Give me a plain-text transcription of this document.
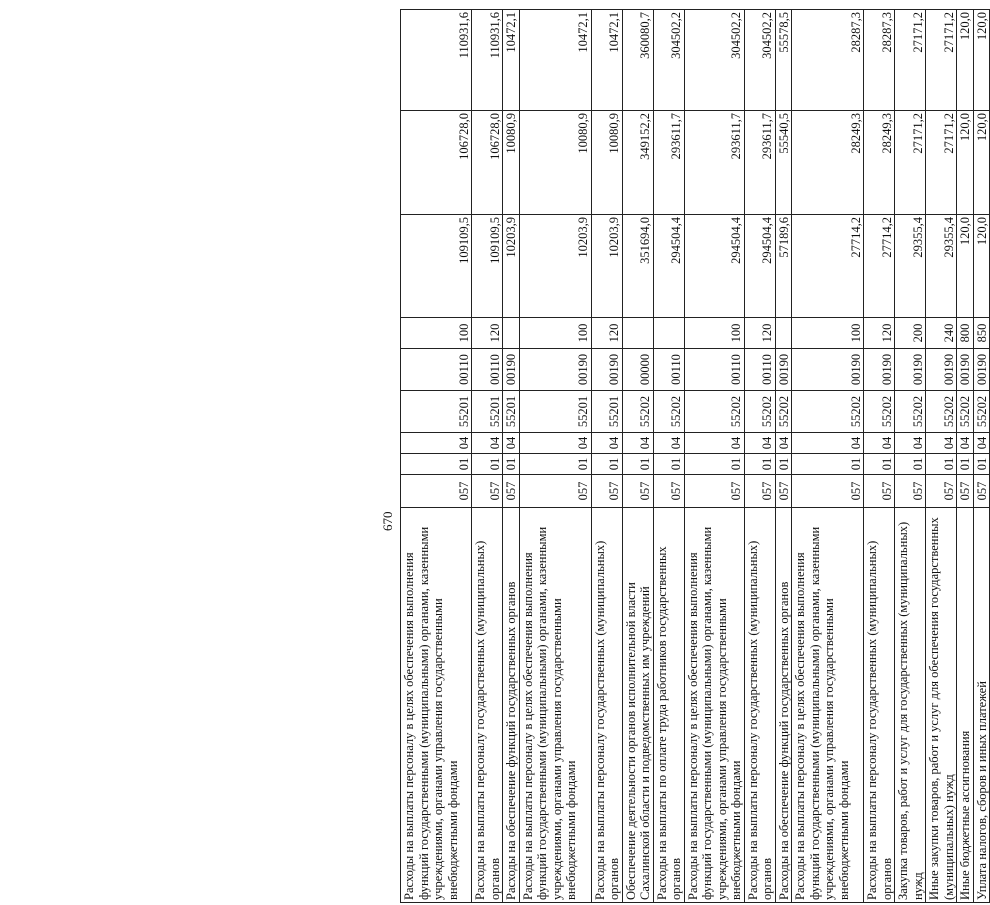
670
Расходы на выплаты персоналу в целях обеспечения выполнения функций государственными (муниципальными) органами, казенными учреждениями, органами управления государственными внебюджетными фондами	057	01	04	55201	00110	100	109109,5	106728,0	110931,6
Расходы на выплаты персоналу государственных (муниципальных) органов	057	01	04	55201	00110	120	109109,5	106728,0	110931,6
Расходы на обеспечение функций государственных органов	057	01	04	55201	00190		10203,9	10080,9	10472,1
Расходы на выплаты персоналу в целях обеспечения выполнения функций государственными (муниципальными) органами, казенными учреждениями, органами управления государственными внебюджетными фондами	057	01	04	55201	00190	100	10203,9	10080,9	10472,1
Расходы на выплаты персоналу государственных (муниципальных) органов	057	01	04	55201	00190	120	10203,9	10080,9	10472,1
Обеспечение деятельности органов исполнительной власти Сахалинской области и подведомственных им учреждений	057	01	04	55202	00000		351694,0	349152,2	360080,7
Расходы на выплаты по оплате труда работников государственных органов	057	01	04	55202	00110		294504,4	293611,7	304502,2
Расходы на выплаты персоналу в целях обеспечения выполнения функций государственными (муниципальными) органами, казенными учреждениями, органами управления государственными внебюджетными фондами	057	01	04	55202	00110	100	294504,4	293611,7	304502,2
Расходы на выплаты персоналу государственных (муниципальных) органов	057	01	04	55202	00110	120	294504,4	293611,7	304502,2
Расходы на обеспечение функций государственных органов	057	01	04	55202	00190		57189,6	55540,5	55578,5
Расходы на выплаты персоналу в целях обеспечения выполнения функций государственными (муниципальными) органами, казенными учреждениями, органами управления государственными внебюджетными фондами	057	01	04	55202	00190	100	27714,2	28249,3	28287,3
Расходы на выплаты персоналу государственных (муниципальных) органов	057	01	04	55202	00190	120	27714,2	28249,3	28287,3
Закупка товаров, работ и услуг для государственных (муниципальных) нужд	057	01	04	55202	00190	200	29355,4	27171,2	27171,2
Иные закупки товаров, работ и услуг для обеспечения государственных (муниципальных) нужд	057	01	04	55202	00190	240	29355,4	27171,2	27171,2
Иные бюджетные ассигнования	057	01	04	55202	00190	800	120,0	120,0	120,0
Уплата налогов, сборов и иных платежей	057	01	04	55202	00190	850	120,0	120,0	120,0
